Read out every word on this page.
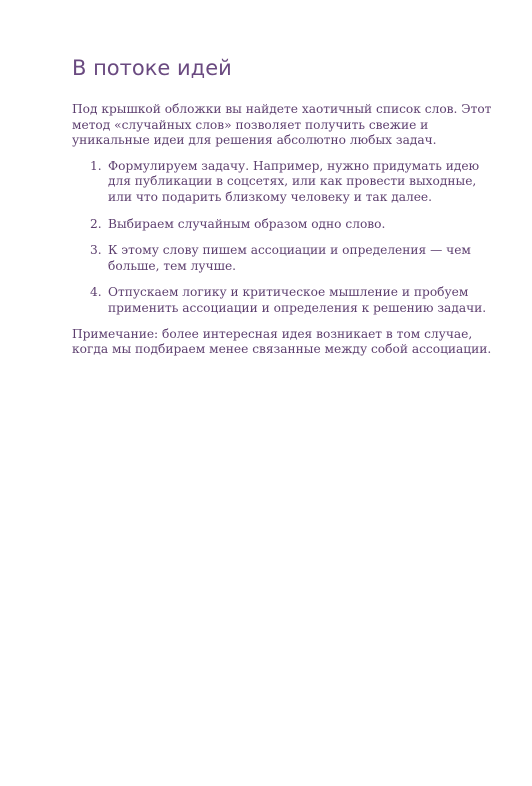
В потоке идей

Под крышкой обложки вы найдете хаотичный список слов. Этот метод «случайных слов» позволяет получить свежие и уникальные идеи для решения абсолютно любых задач.

1. Формулируем задачу. Например, нужно придумать идею для публикации в соцсетях, или как провести выходные, или что подарить близкому человеку и так далее.
2. Выбираем случайным образом одно слово.
3. К этому слову пишем ассоциации и определения — чем больше, тем лучше.
4. Отпускаем логику и критическое мышление и пробуем применить ассоциации и определения к решению задачи.

Примечание: более интересная идея возникает в том случае, когда мы подбираем менее связанные между собой ассоциации.
